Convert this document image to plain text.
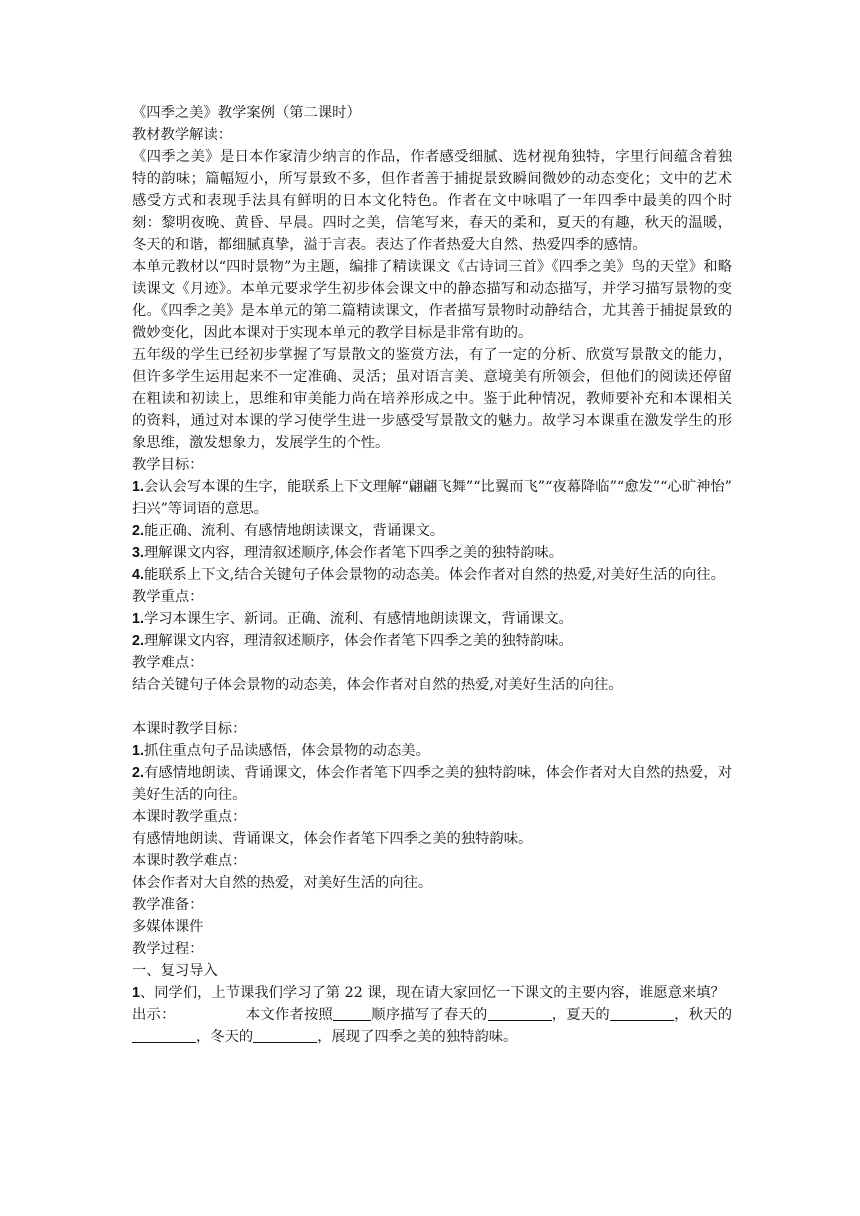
《四季之美》教学案例（第二课时）

教材教学解读：

《四季之美》是日本作家清少纳言的作品，作者感受细腻、选材视角独特，字里行间蕴含着独特的韵味；篇幅短小，所写景致不多，但作者善于捕捉景致瞬间微妙的动态变化；文中的艺术感受方式和表现手法具有鲜明的日本文化特色。作者在文中咏唱了一年四季中最美的四个时刻：黎明夜晚、黄昏、早晨。四时之美，信笔写来，春天的柔和，夏天的有趣，秋天的温暖，冬天的和谐，都细腻真挚，溢于言表。表达了作者热爱大自然、热爱四季的感情。

本单元教材以“四时景物”为主题，编排了精读课文《古诗词三首》《四季之美》鸟的天堂》和略读课文《月迹》。本单元要求学生初步体会课文中的静态描写和动态描写，并学习描写景物的变化。《四季之美》是本单元的第二篇精读课文，作者描写景物时动静结合，尤其善于捕捉景致的微妙变化，因此本课对于实现本单元的教学目标是非常有助的。

五年级的学生已经初步掌握了写景散文的鉴赏方法，有了一定的分析、欣赏写景散文的能力，但许多学生运用起来不一定准确、灵活；虽对语言美、意境美有所领会，但他们的阅读还停留在粗读和初读上，思维和审美能力尚在培养形成之中。鉴于此种情况，教师要补充和本课相关的资料，通过对本课的学习使学生进一步感受写景散文的魅力。故学习本课重在激发学生的形象思维，激发想象力，发展学生的个性。

教学目标：

1.会认会写本课的生字，能联系上下文理解“翩翩飞舞”“比翼而飞”“夜幕降临”“愈发”“心旷神怡” 扫兴”等词语的意思。

2.能正确、流利、有感情地朗读课文，背诵课文。

3.理解课文内容，理清叙述顺序,体会作者笔下四季之美的独特韵味。

4.能联系上下文,结合关键句子体会景物的动态美。体会作者对自然的热爱,对美好生活的向往。

教学重点：

1.学习本课生字、新词。正确、流利、有感情地朗读课文，背诵课文。

2.理解课文内容，理清叙述顺序，体会作者笔下四季之美的独特韵味。

教学难点：

结合关键句子体会景物的动态美，体会作者对自然的热爱,对美好生活的向往。

本课时教学目标：

1.抓住重点句子品读感悟，体会景物的动态美。

2.有感情地朗读、背诵课文，体会作者笔下四季之美的独特韵味，体会作者对大自然的热爱，对美好生活的向往。

本课时教学重点：

有感情地朗读、背诵课文，体会作者笔下四季之美的独特韵味。

本课时教学难点：

体会作者对大自然的热爱，对美好生活的向往。

教学准备：

多媒体课件

教学过程：

一、复习导入

1、同学们，上节课我们学习了第 22 课，现在请大家回忆一下课文的主要内容，谁愿意来填？

出示：	本文作者按照	顺序描写了春天的	，夏天的	，秋天的，冬天的	，展现了四季之美的独特韵味。
